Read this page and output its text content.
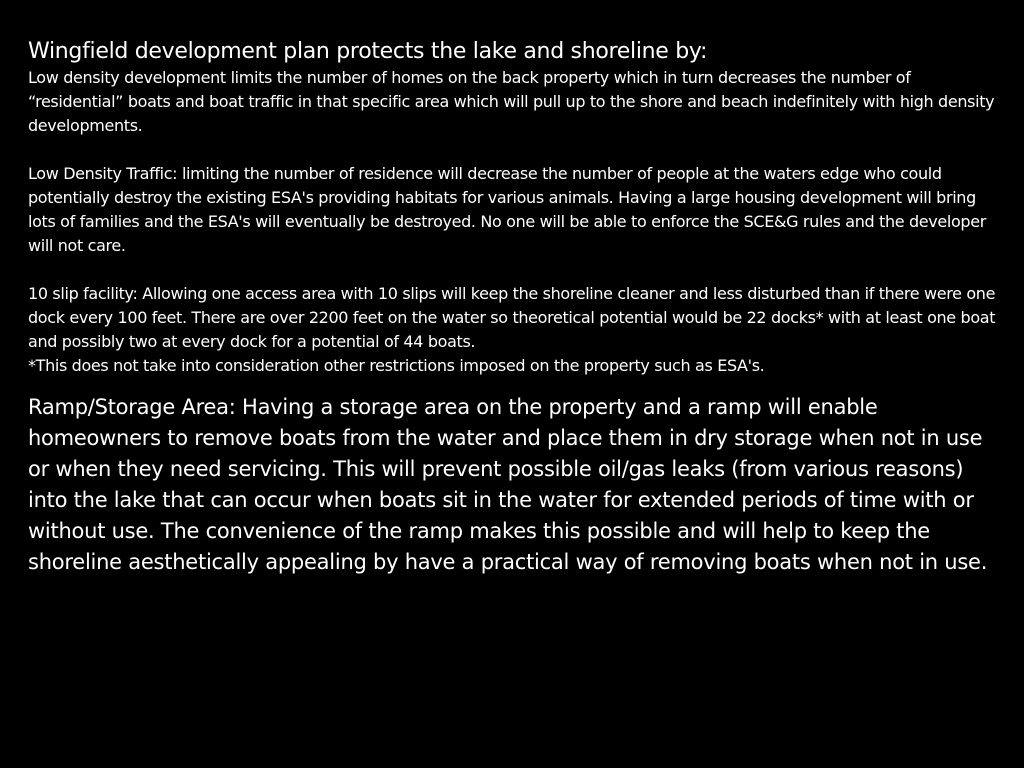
Wingfield development plan protects the lake and shoreline by:

Low density development limits the number of homes on the back property which in turn decreases the number of “residential” boats and boat traffic in that specific area which will pull up to the shore and beach indefinitely with high density developments.

Low Density Traffic: limiting the number of residence will decrease the number of people at the waters edge who could potentially destroy the existing ESA's providing habitats for various animals. Having a large housing development will bring lots of families and the ESA's will eventually be destroyed. No one will be able to enforce the SCE&G rules and the developer will not care.

10 slip facility: Allowing one access area with 10 slips will keep the shoreline cleaner and less disturbed than if there were one dock every 100 feet. There are over 2200 feet on the water so theoretical potential would be 22 docks* with at least one boat and possibly two at every dock for a potential of 44 boats.

*This does not take into consideration other restrictions imposed on the property such as ESA's.

Ramp/Storage Area: Having a storage area on the property and a ramp will enable homeowners to remove boats from the water and place them in dry storage when not in use or when they need servicing. This will prevent possible oil/gas leaks (from various reasons) into the lake that can occur when boats sit in the water for extended periods of time with or without use. The convenience of the ramp makes this possible and will help to keep the shoreline aesthetically appealing by have a practical way of removing boats when not in use.
